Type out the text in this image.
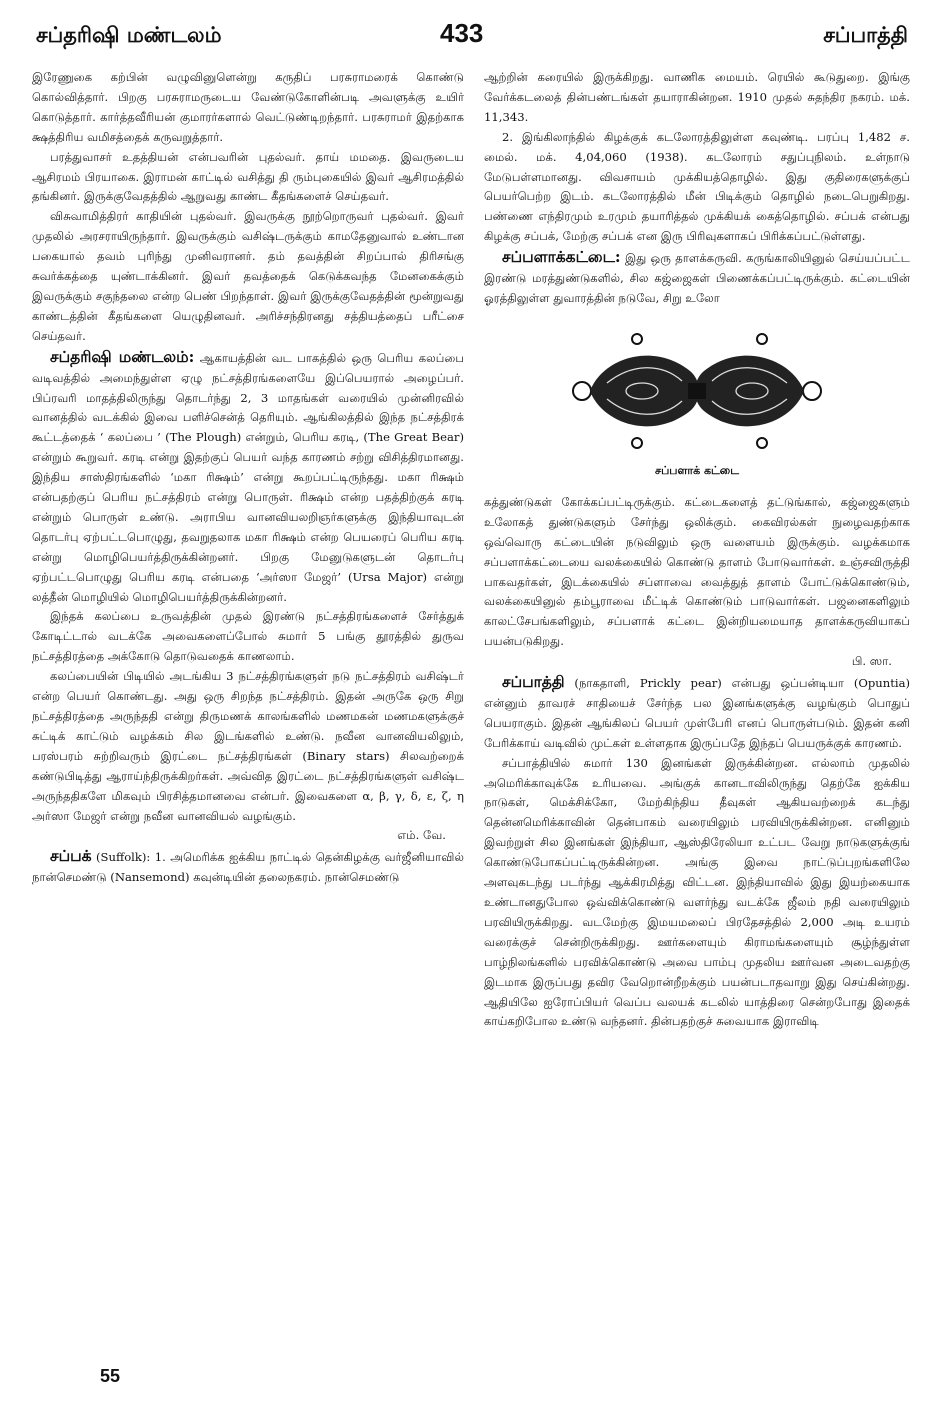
சப்தரிஷி மண்டலம்	433	சப்பாத்தி

இரேணுகை கற்பின் வழுவினுளென்று கருதிப் பரசுராமரைக் கொண்டு கொல்வித்தார். பிறகு பரசுராமருடைய வேண்டுகோளின்படி அவளுக்கு உயிர் கொடுத்தார். கார்த்தவீரியன் குமாரர்களால் வெட்டுண்டிறந்தார். பரசுராமர் இதற்காக க்ஷத்திரிய வமிசத்தைக் கருவறுத்தார்.

பரத்துவாசர் உதத்தியன் என்பவரின் புதல்வர். தாய் மமதை. இவருடைய ஆசிரமம் பிரயாகை. இராமன் காட்டில் வசித்து தி ரும்புகையில் இவர் ஆசிரமத்தில் தங்கினர். இருக்குவேதத்தில் ஆறுவது காண்ட கீதங்களைச் செய்தவர்.

விசுவாமித்திரர் காதியின் புதல்வர். இவருக்கு நூற்றொருவர் புதல்வர். இவர் முதலில் அரசராயிருந்தார். இவருக்கும் வசிஷ்டருக்கும் காமதேனுவால் உண்டான பகையால் தவம் புரிந்து முனிவரானர். தம் தவத்தின் சிறப்பால் திரிசங்கு சுவர்க்கத்தை யுண்டாக்கினர். இவர் தவத்தைக் கெடுக்கவந்த மேனகைக்கும் இவருக்கும் சகுந்தலை என்ற பெண் பிறந்தாள். இவர் இருக்குவேதத்தின் மூன்றுவது காண்டத்தின் கீதங்களை யெழுதினவர். அரிச்சந்திரனது சத்தியத்தைப் பரீட்சை செய்தவர்.

சப்தரிஷி மண்டலம்: ஆகாயத்தின் வட பாகத்தில் ஒரு பெரிய கலப்பை வடிவத்தில் அமைந்துள்ள ஏழு நட்சத்திரங்களையே இப்பெயரால் அழைப்பர். பிப்ரவரி மாதத்திலிருந்து தொடர்ந்து 2, 3 மாதங்கள் வரையில் முன்னிரவில் வானத்தில் வடக்கில் இவை பளிச்சென்த் தெரியும். ஆங்கிலத்தில் இந்த நட்சத்திரக் கூட்டத்தைக் ‘ கலப்பை ’ (The Plough) என்றும், பெரிய கரடி, (The Great Bear) என்றும் கூறுவர். கரடி என்று இதற்குப் பெயர் வந்த காரணம் சற்று விசித்திரமானது. இந்திய சாஸ்திரங்களில் ‘மகா ரிக்ஷம்’ என்று கூறப்பட்டிருந்தது. மகா ரிக்ஷம் என்பதற்குப் பெரிய நட்சத்திரம் என்று பொருள். ரிக்ஷம் என்ற பதத்திற்குக் கரடி என்றும் பொருள் உண்டு. அராபிய வானவியலறிஞர்களுக்கு இந்தியாவுடன் தொடர்பு ஏற்பட்டபொழுது, தவறுதலாக மகா ரிக்ஷம் என்ற பெயரைப் பெரிய கரடி என்று மொழிபெயர்த்திருக்கின்றனர். பிறகு மேனுடுகளுடன் தொடர்பு ஏற்பட்டபொழுது பெரிய கரடி என்பதை ‘அர்ஸா மேஜர்’ (Ursa Major) என்று லத்தீன் மொழியில் மொழிபெயர்த்திருக்கின்றனர்.

இந்தக் கலப்பை உருவத்தின் முதல் இரண்டு நட்சத்திரங்களைச் சேர்த்துக் கோடிட்டால் வடக்கே அவைகளைப்போல் சுமார் 5 பங்கு தூரத்தில் துருவ நட்சத்திரத்தை அக்கோடு தொடுவதைக் காணலாம்.

கலப்பையின் பிடியில் அடங்கிய 3 நட்சத்திரங்களுள் நடு நட்சத்திரம் வசிஷ்டர் என்ற பெயர் கொண்டது. அது ஒரு சிறந்த நட்சத்திரம். இதன் அருகே ஒரு சிறு நட்சத்திரத்தை அருந்ததி என்று திருமணக் காலங்களில் மணமகன் மணமகளுக்குச் சுட்டிக் காட்டும் வழக்கம் சில இடங்களில் உண்டு. நவீன வானவியலிலும், பரஸ்பரம் சுற்றிவரும் இரட்டை நட்சத்திரங்கள் (Binary stars) சிலவற்றைக் கண்டுபிடித்து ஆராய்ந்திருக்கிறர்கள். அவ்வித இரட்டை நட்சத்திரங்களுள் வசிஷ்ட அருந்ததிகளே மிகவும் பிரசித்தமானவை என்பர். இவைகளை α, β, γ, δ, ε, ζ, η அர்ஸா மேஜர் என்று நவீன வானவியல் வழங்கும்.

எம். வே.

சப்பக் (Suffolk): 1. அமெரிக்க ஐக்கிய நாட்டில் தென்கிழக்கு வர்ஜீனியாவில் நான்செமண்டு (Nansemond) கவுன்டியின் தலைநகரம். நான்செமண்டு

ஆற்றின் கரையில் இருக்கிறது. வாணிக மையம். ரெயில் கூடுதுறை. இங்கு வேர்க்கடலைத் தின்பண்டங்கள் தயாராகின்றன. 1910 முதல் சுதந்திர நகரம். மக். 11,343.

2. இங்கிலாந்தில் கிழக்குக் கடலோரத்திலுள்ள கவுண்டி. பரப்பு 1,482 ச. மைல். மக். 4,04,060 (1938). கடலோரம் சதுப்புநிலம். உள்நாடு மேடுபள்ளமானது. விவசாயம் முக்கியத்தொழில். இது குதிரைகளுக்குப் பெயர்பெற்ற இடம். கடலோரத்தில் மீன் பிடிக்கும் தொழில் நடைபெறுகிறது. பண்ணை எந்திரமும் உரமும் தயாரித்தல் முக்கியக் கைத்தொழில். சப்பக் என்பது கிழக்கு சப்பக், மேற்கு சப்பக் என இரு பிரிவுகளாகப் பிரிக்கப்பட்டுள்ளது.

சப்பளாக்கட்டை: இது ஒரு தாளக்கருவி. கருங்காலியினுல் செய்யப்பட்ட இரண்டு மரத்துண்டுகளில், சில கஜ்ஜைகள் பிணைக்கப்பட்டிருக்கும். கட்டையின் ஓரத்திலுள்ள துவாரத்தின் நடுவே, சிறு உலோ

சப்பளாக் கட்டை

கத்துண்டுகள் கோக்கப்பட்டிருக்கும். கட்டைகளைத் தட்டுங்கால், கஜ்ஜைகளும் உலோகத் துண்டுகளும் சேர்ந்து ஒலிக்கும். கைவிரல்கள் நுழைவதற்காக ஒவ்வொரு கட்டையின் நடுவிலும் ஒரு வளையம் இருக்கும். வழக்கமாக சப்பளாக்கட்டையை வலக்கையில் கொண்டு தாளம் போடுவார்கள். உஞ்சவிருத்தி பாகவதர்கள், இடக்கையில் சப்ளாவை வைத்துத் தாளம் போட்டுக்கொண்டும், வலக்கையினுல் தம்பூராவை மீட்டிக் கொண்டும் பாடுவார்கள். பஜனைகளிலும் காலட்சேபங்களிலும், சப்பளாக் கட்டை இன்றியமையாத தாளக்கருவியாகப் பயன்படுகிறது.

பி. ஸா.

சப்பாத்தி (நாகதாளி, Prickly pear) என்பது ஒப்பன்டியா (Opuntia) என்னும் தாவரச் சாதியைச் சேர்ந்த பல இனங்களுக்கு வழங்கும் பொதுப் பெயராகும். இதன் ஆங்கிலப் பெயர் முள்பேரி எனப் பொருள்படும். இதன் கனி பேரிக்காய் வடிவில் முட்கள் உள்ளதாக இருப்பதே இந்தப் பெயருக்குக் காரணம்.

சப்பாத்தியில் சுமார் 130 இனங்கள் இருக்கின்றன. எல்லாம் முதலில் அமெரிக்காவுக்கே உரியவை. அங்குக் கானடாவிலிருந்து தெற்கே ஐக்கிய நாடுகள், மெக்சிக்கோ, மேற்கிந்திய தீவுகள் ஆகியவற்றைக் கடந்து தென்னமெரிக்காவின் தென்பாகம் வரையிலும் பரவியிருக்கின்றன. எனினும் இவற்றுள் சில இனங்கள் இந்தியா, ஆஸ்திரேலியா உட்பட வேறு நாடுகளுக்குங் கொண்டுபோகப்பட்டிருக்கின்றன. அங்கு இவை நாட்டுப்புறங்களிலே அளவுகடந்து படர்ந்து ஆக்கிரமித்து விட்டன. இந்தியாவில் இது இயற்கையாக உண்டானதுபோல ஒவ்விக்கொண்டு வளர்ந்து வடக்கே ஜீலம் நதி வரையிலும் பரவியிருக்கிறது. வடமேற்கு இமயமலைப் பிரதேசத்தில் 2,000 அடி உயரம் வரைக்குச் சென்றிருக்கிறது. ஊர்களையும் கிராமங்களையும் சூழ்ந்துள்ள பாழ்நிலங்களில் பரவிக்கொண்டு அவை பாம்பு முதலிய ஊர்வன அடைவதற்கு இடமாக இருப்பது தவிர வேறொன்றீறக்கும் பயன்படாதவாறு இது செய்கின்றது. ஆதியிலே ஐரோப்பியர் வெப்ப வலயக் கடலில் யாத்திரை சென்றபோது இதைக் காய்கறிபோல உண்டு வந்தனர். தின்பதற்குச் சுவையாக இராவிடி

55
